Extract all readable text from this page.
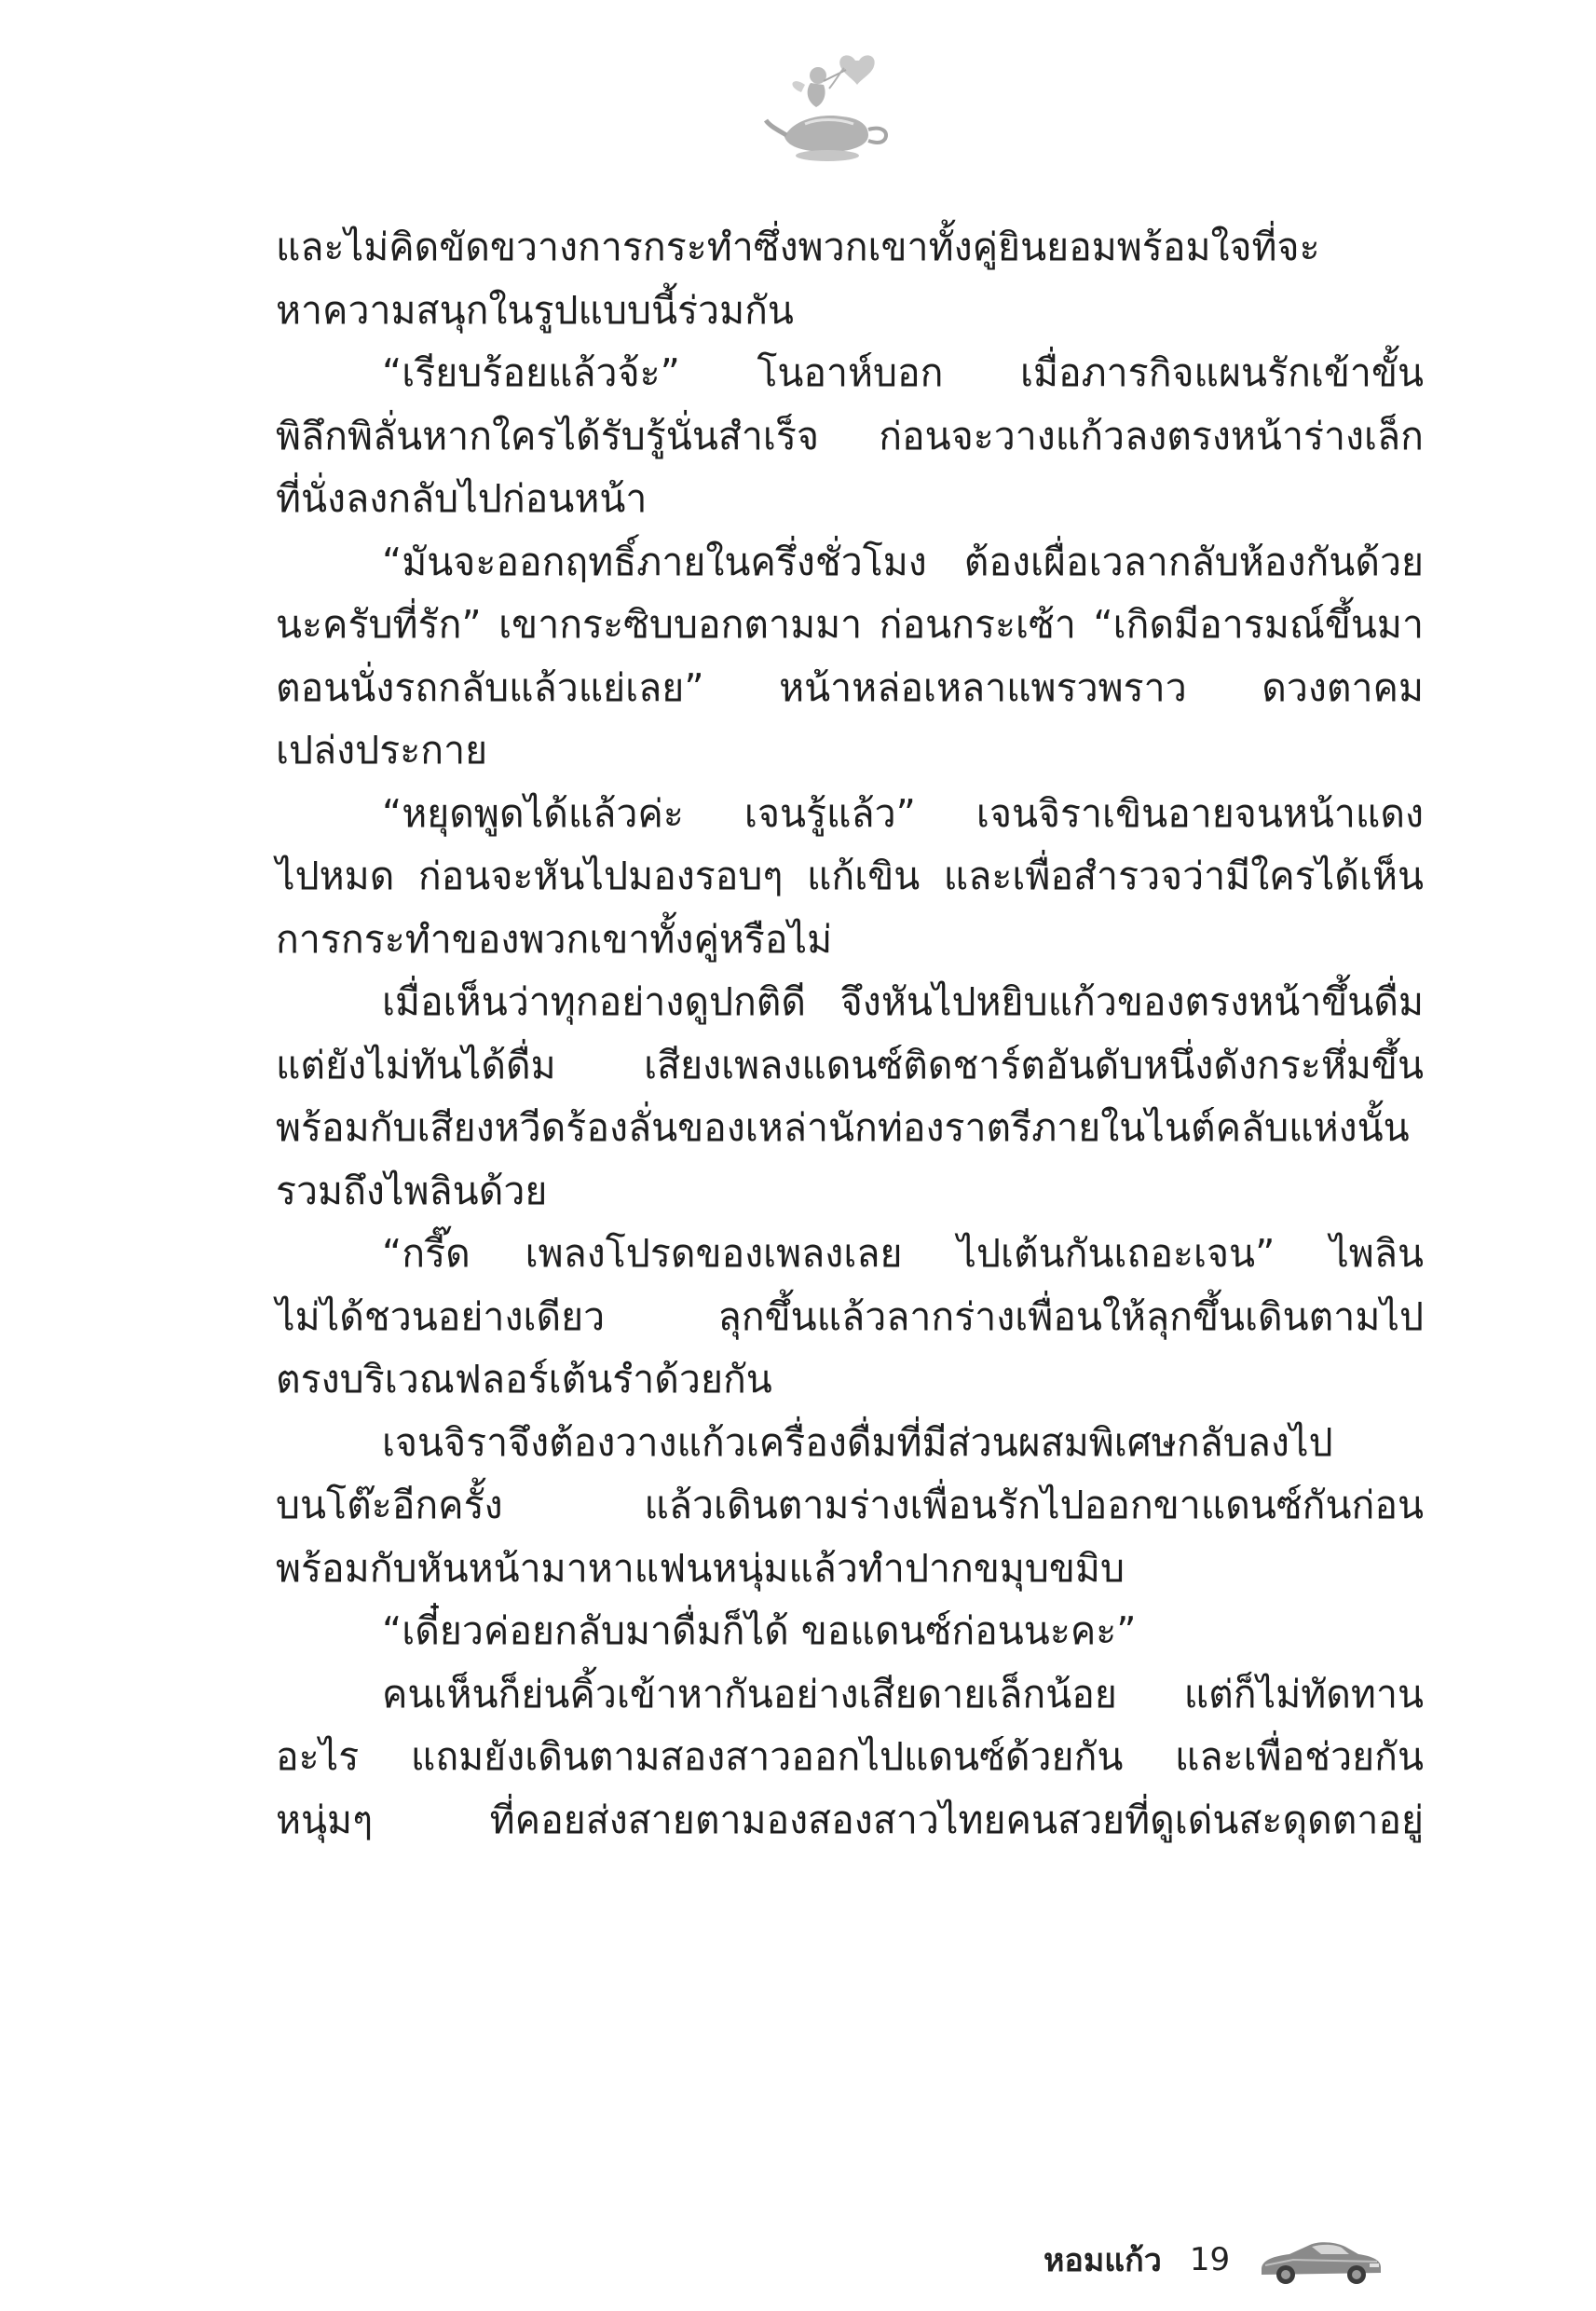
และไม่คิดขัดขวางการกระทำซึ่งพวกเขาทั้งคู่ยินยอมพร้อมใจที่จะ
หาความสนุกในรูปแบบนี้ร่วมกัน
“เรียบร้อยแล้วจ้ะ” โนอาห์บอก เมื่อภารกิจแผนรักเข้าขั้น
พิลึกพิลั่นหากใครได้รับรู้นั่นสำเร็จ ก่อนจะวางแก้วลงตรงหน้าร่างเล็ก
ที่นั่งลงกลับไปก่อนหน้า
“มันจะออกฤทธิ์ภายในครึ่งชั่วโมง ต้องเผื่อเวลากลับห้องกันด้วย
นะครับที่รัก” เขากระซิบบอกตามมา ก่อนกระเซ้า “เกิดมีอารมณ์ขึ้นมา
ตอนนั่งรถกลับแล้วแย่เลย” หน้าหล่อเหลาแพรวพราว ดวงตาคม
เปล่งประกาย
“หยุดพูดได้แล้วค่ะ เจนรู้แล้ว” เจนจิราเขินอายจนหน้าแดง
ไปหมด ก่อนจะหันไปมองรอบๆ แก้เขิน และเพื่อสำรวจว่ามีใครได้เห็น
การกระทำของพวกเขาทั้งคู่หรือไม่
เมื่อเห็นว่าทุกอย่างดูปกติดี จึงหันไปหยิบแก้วของตรงหน้าขึ้นดื่ม
แต่ยังไม่ทันได้ดื่ม เสียงเพลงแดนซ์ติดชาร์ตอันดับหนึ่งดังกระหึ่มขึ้น
พร้อมกับเสียงหวีดร้องลั่นของเหล่านักท่องราตรีภายในไนต์คลับแห่งนั้น
รวมถึงไพลินด้วย
“กรี๊ด เพลงโปรดของเพลงเลย ไปเต้นกันเถอะเจน” ไพลิน
ไม่ได้ชวนอย่างเดียว ลุกขึ้นแล้วลากร่างเพื่อนให้ลุกขึ้นเดินตามไป
ตรงบริเวณฟลอร์เต้นรำด้วยกัน
เจนจิราจึงต้องวางแก้วเครื่องดื่มที่มีส่วนผสมพิเศษกลับลงไป
บนโต๊ะอีกครั้ง แล้วเดินตามร่างเพื่อนรักไปออกขาแดนซ์กันก่อน
พร้อมกับหันหน้ามาหาแฟนหนุ่มแล้วทำปากขมุบขมิบ
“เดี๋ยวค่อยกลับมาดื่มก็ได้ ขอแดนซ์ก่อนนะคะ”
คนเห็นก็ย่นคิ้วเข้าหากันอย่างเสียดายเล็กน้อย แต่ก็ไม่ทัดทาน
อะไร แถมยังเดินตามสองสาวออกไปแดนซ์ด้วยกัน และเพื่อช่วยกัน
หนุ่มๆ ที่คอยส่งสายตามองสองสาวไทยคนสวยที่ดูเด่นสะดุดตาอยู่
หอมแก้ว 19
